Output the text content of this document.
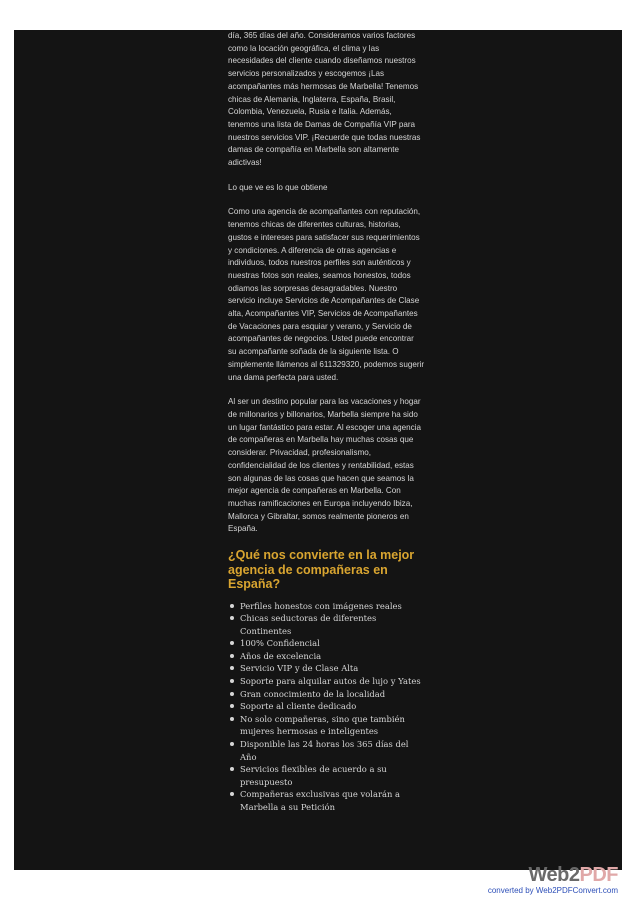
día, 365 días del año. Consideramos varios factores como la locación geográfica, el clima y las necesidades del cliente cuando diseñamos nuestros servicios personalizados y escogemos ¡Las acompañantes más hermosas de Marbella! Tenemos chicas de Alemania, Inglaterra, España, Brasil, Colombia, Venezuela, Rusia e Italia. Además, tenemos una lista de Damas de Compañía VIP para nuestros servicios VIP. ¡Recuerde que todas nuestras damas de compañía en Marbella son altamente adictivas!

Lo que ve es lo que obtiene

Como una agencia de acompañantes con reputación, tenemos chicas de diferentes culturas, historias, gustos e intereses para satisfacer sus requerimientos y condiciones. A diferencia de otras agencias e individuos, todos nuestros perfiles son auténticos y nuestras fotos son reales, seamos honestos, todos odiamos las sorpresas desagradables. Nuestro servicio incluye Servicios de Acompañantes de Clase alta, Acompañantes VIP, Servicios de Acompañantes de Vacaciones para esquiar y verano, y Servicio de acompañantes de negocios. Usted puede encontrar su acompañante soñada de la siguiente lista. O simplemente llámenos al 611329320, podemos sugerir una dama perfecta para usted.

Al ser un destino popular para las vacaciones y hogar de millonarios y billonarios, Marbella siempre ha sido un lugar fantástico para estar. Al escoger una agencia de compañeras en Marbella hay muchas cosas que considerar. Privacidad, profesionalismo, confidencialidad de los clientes y rentabilidad, estas son algunas de las cosas que hacen que seamos la mejor agencia de compañeras en Marbella. Con muchas ramificaciones en Europa incluyendo Ibiza, Mallorca y Gibraltar, somos realmente pioneros en España.

¿Qué nos convierte en la mejor agencia de compañeras en España?
Perfiles honestos con imágenes reales
Chicas seductoras de diferentes Continentes
100% Confidencial
Años de excelencia
Servicio VIP y de Clase Alta
Soporte para alquilar autos de lujo y Yates
Gran conocimiento de la localidad
Soporte al cliente dedicado
No solo compañeras, sino que también mujeres hermosas e inteligentes
Disponible las 24 horas los 365 días del Año
Servicios flexibles de acuerdo a su presupuesto
Compañeras exclusivas que volarán a Marbella a su Petición
Web2PDF
converted by Web2PDFConvert.com
